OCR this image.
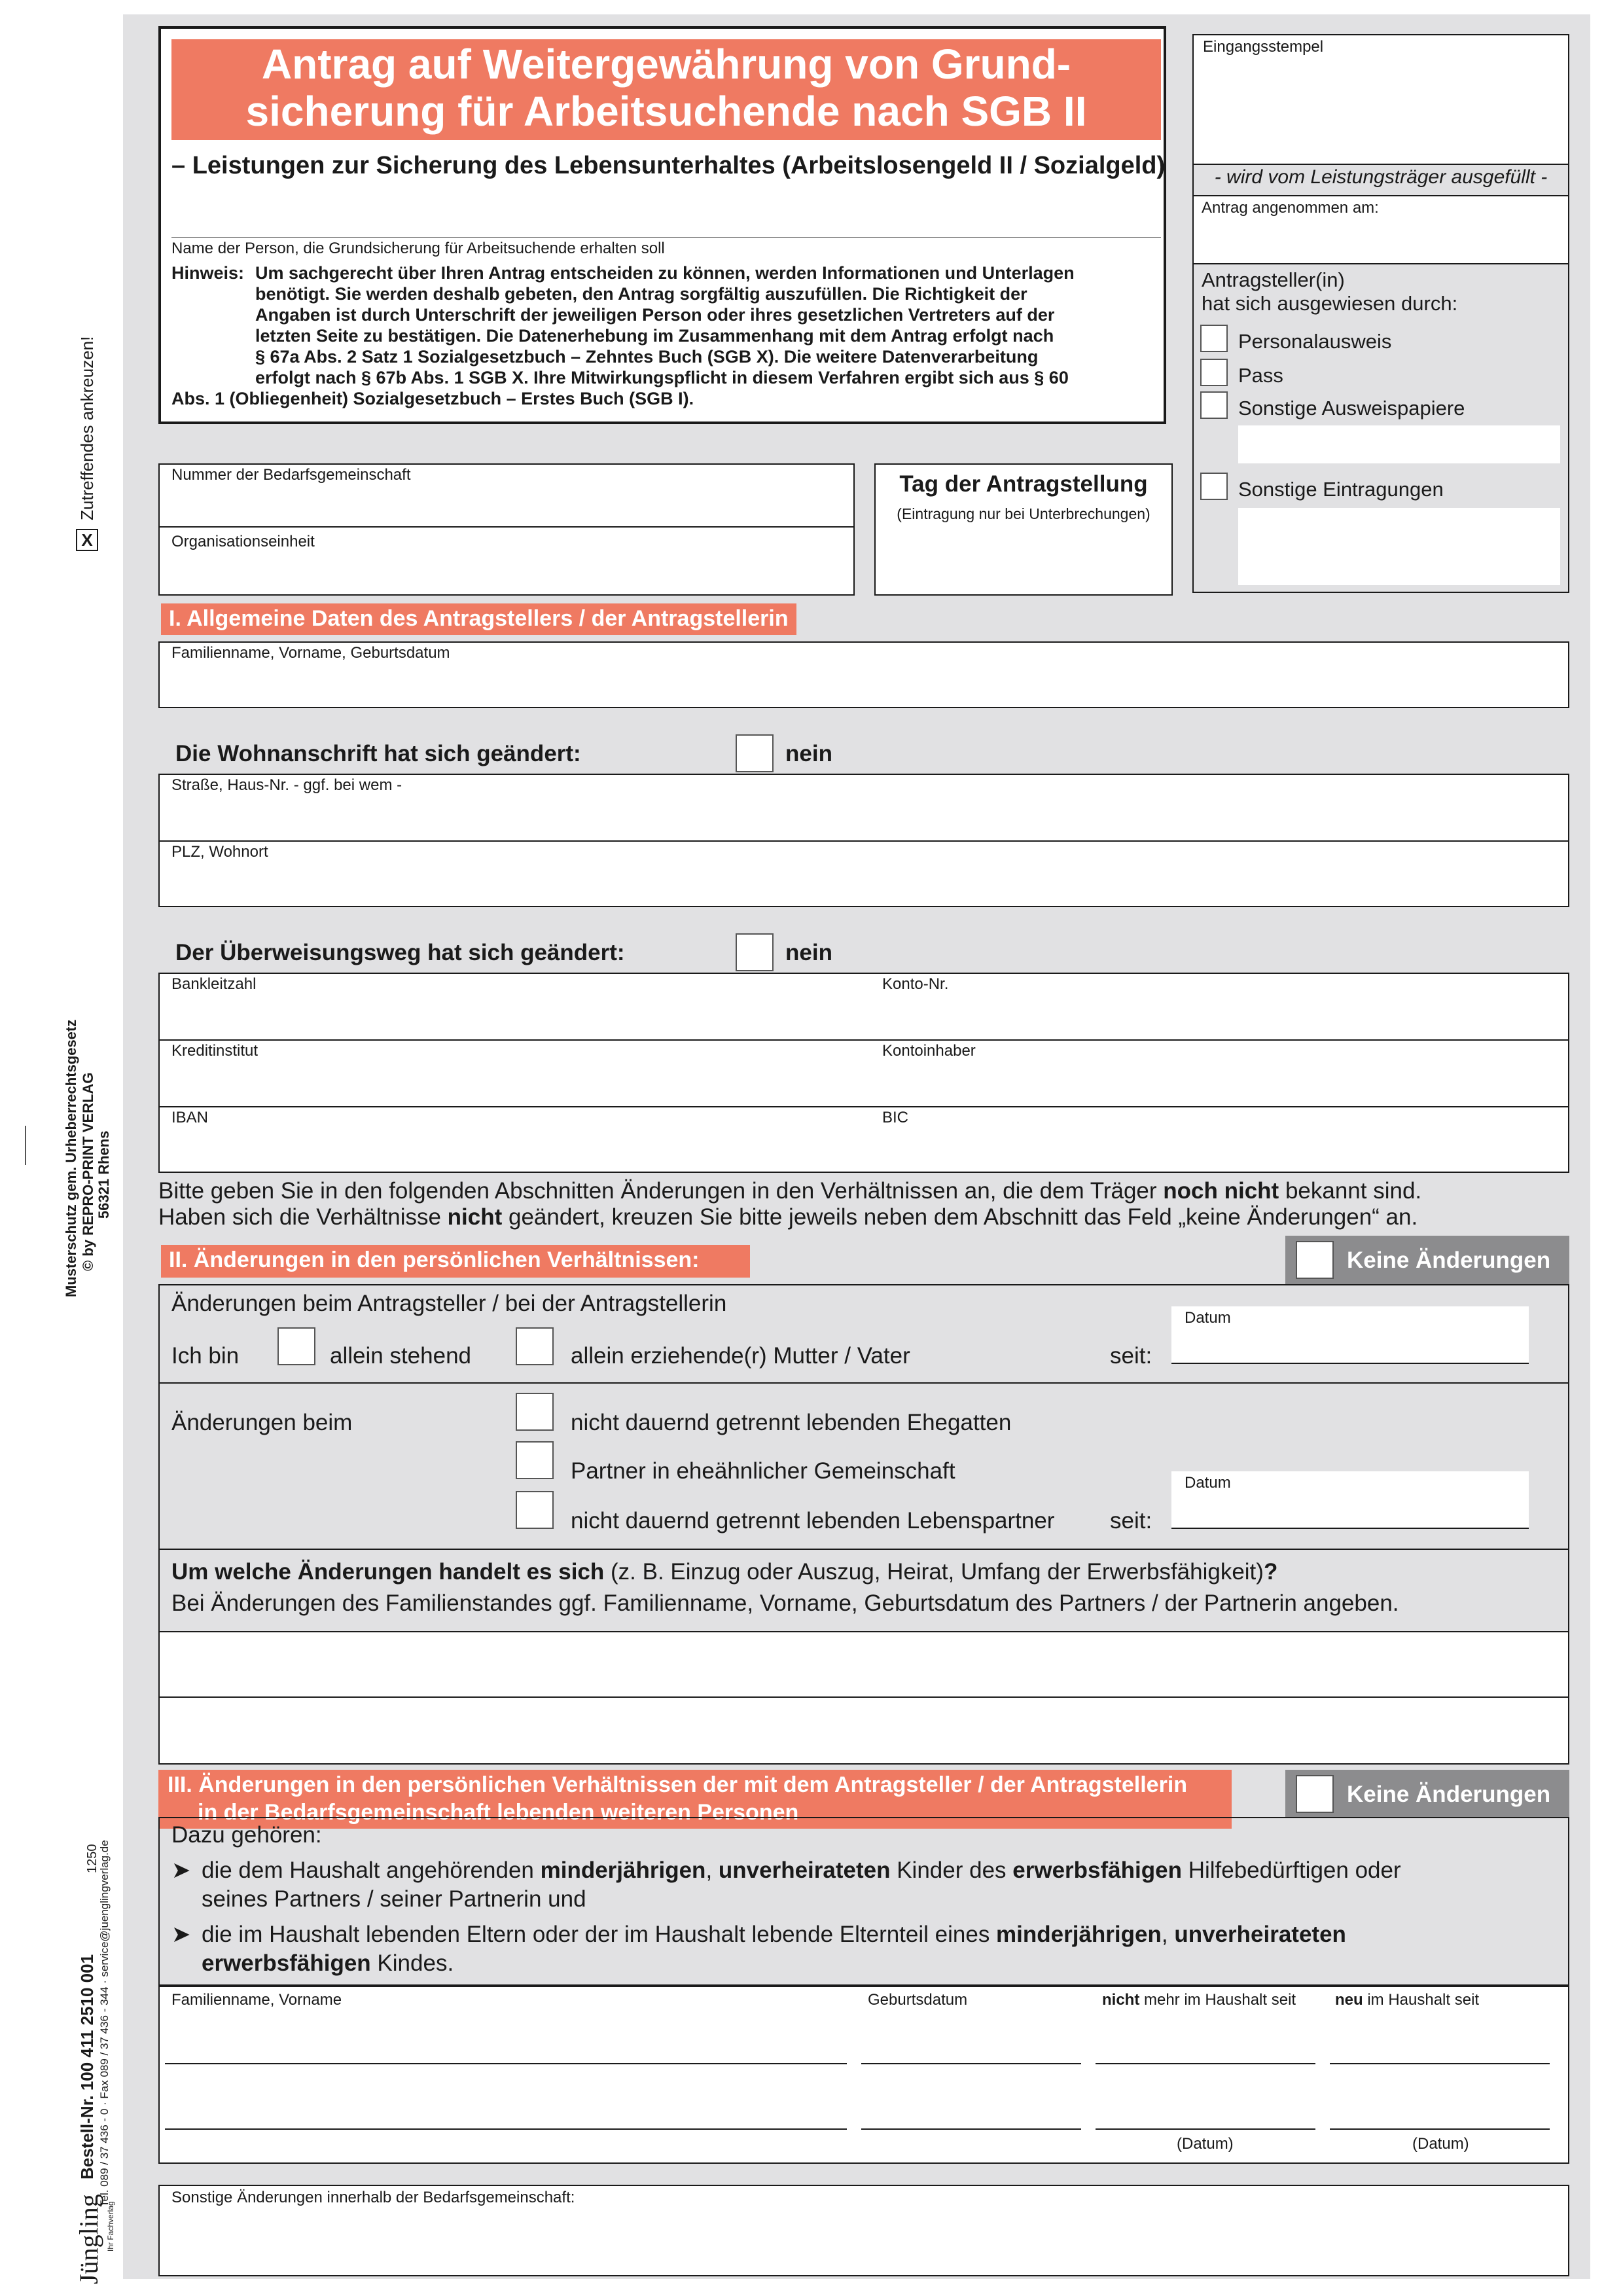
X
Zutreffendes ankreuzen!
Musterschutz gem. Urheberrechtsgesetz © by REPRO-PRINT VERLAG 56321 Rhens
1250
Bestell-Nr. 100 411 2510 001 Tel. 089 / 37 436 - 0 · Fax 089 / 37 436 - 344 · service@juenglingverlag.de
Jüngling Ihr Fachverlag
Antrag auf Weitergewährung von Grund-
sicherung für Arbeitsuchende nach SGB II
– Leistungen zur Sicherung des Lebensunterhaltes (Arbeitslosengeld II / Sozialgeld)
Name der Person, die Grundsicherung für Arbeitsuchende erhalten soll
Hinweis: Um sachgerecht über Ihren Antrag entscheiden zu können, werden Informationen und Unterlagen
benötigt. Sie werden deshalb gebeten, den Antrag sorgfältig auszufüllen. Die Richtigkeit der
Angaben ist durch Unterschrift der jeweiligen Person oder ihres gesetzlichen Vertreters auf der
letzten Seite zu bestätigen. Die Datenerhebung im Zusammenhang mit dem Antrag erfolgt nach
§ 67a Abs. 2 Satz 1 Sozialgesetzbuch – Zehntes Buch (SGB X). Die weitere Datenverarbeitung
erfolgt nach § 67b Abs. 1 SGB X. Ihre Mitwirkungspflicht in diesem Verfahren ergibt sich aus § 60
Abs. 1 (Obliegenheit) Sozialgesetzbuch – Erstes Buch (SGB I).
Eingangsstempel
- wird vom Leistungsträger ausgefüllt -
Antrag angenommen am:
Antragsteller(in)
hat sich ausgewiesen durch:
Personalausweis
Pass
Sonstige Ausweispapiere
Sonstige Eintragungen
Nummer der Bedarfsgemeinschaft
Organisationseinheit
Tag der Antragstellung
(Eintragung nur bei Unterbrechungen)
I. Allgemeine Daten des Antragstellers / der Antragstellerin
Familienname, Vorname, Geburtsdatum
Die Wohnanschrift hat sich geändert:	nein
Straße, Haus-Nr. - ggf. bei wem -
PLZ, Wohnort
Der Überweisungsweg hat sich geändert:	nein
Bankleitzahl	Konto-Nr.
Kreditinstitut	Kontoinhaber
IBAN	BIC
Bitte geben Sie in den folgenden Abschnitten Änderungen in den Verhältnissen an, die dem Träger noch nicht bekannt sind.
Haben sich die Verhältnisse nicht geändert, kreuzen Sie bitte jeweils neben dem Abschnitt das Feld „keine Änderungen“ an.
II. Änderungen in den persönlichen Verhältnissen:	Keine Änderungen
Änderungen beim Antragsteller / bei der Antragstellerin
Ich bin	allein stehend	allein erziehende(r) Mutter / Vater	seit:
Datum
Änderungen beim	nicht dauernd getrennt lebenden Ehegatten
Partner in eheähnlicher Gemeinschaft
nicht dauernd getrennt lebenden Lebenspartner seit:
Datum
Um welche Änderungen handelt es sich (z. B. Einzug oder Auszug, Heirat, Umfang der Erwerbsfähigkeit)?
Bei Änderungen des Familienstandes ggf. Familienname, Vorname, Geburtsdatum des Partners / der Partnerin angeben.
III. Änderungen in den persönlichen Verhältnissen der mit dem Antragsteller / der Antragstellerin
in der Bedarfsgemeinschaft lebenden weiteren Personen
Keine Änderungen
Dazu gehören:
➤ die dem Haushalt angehörenden minderjährigen, unverheirateten Kinder des erwerbsfähigen Hilfebedürftigen oder
seines Partners / seiner Partnerin und
➤ die im Haushalt lebenden Eltern oder der im Haushalt lebende Elternteil eines minderjährigen, unverheirateten
erwerbsfähigen Kindes.
Familienname, Vorname	Geburtsdatum	nicht mehr im Haushalt seit neu im Haushalt seit
(Datum)	(Datum)
Sonstige Änderungen innerhalb der Bedarfsgemeinschaft:
